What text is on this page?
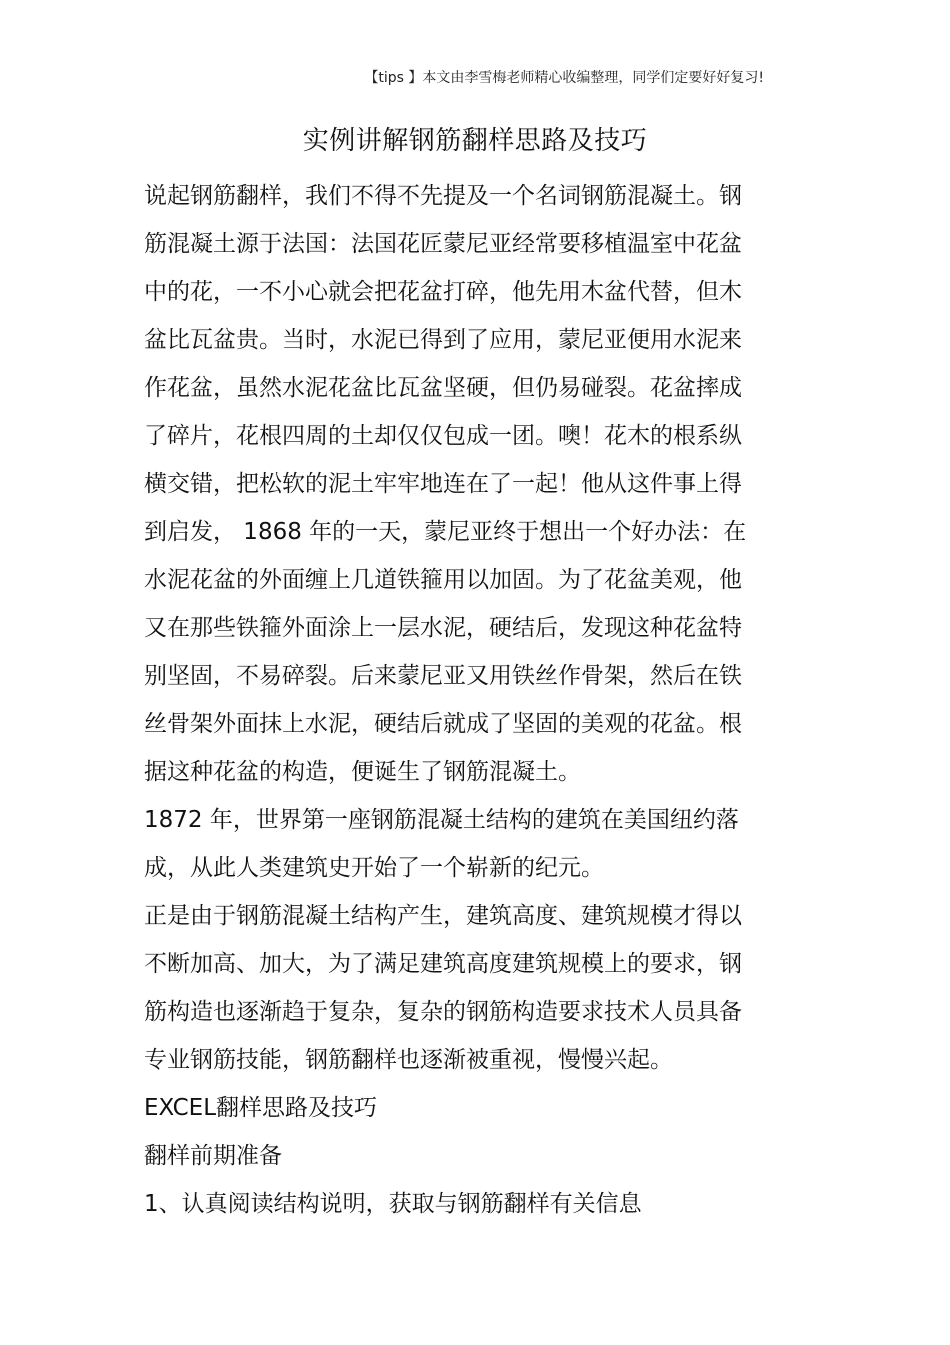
【tips 】本文由李雪梅老师精心收编整理，同学们定要好好复习!
实例讲解钢筋翻样思路及技巧
说起钢筋翻样，我们不得不先提及一个名词钢筋混凝土。钢
筋混凝土源于法国：法国花匠蒙尼亚经常要移植温室中花盆
中的花，一不小心就会把花盆打碎，他先用木盆代替，但木
盆比瓦盆贵。当时，水泥已得到了应用，蒙尼亚便用水泥来
作花盆，虽然水泥花盆比瓦盆坚硬，但仍易碰裂。花盆摔成
了碎片，花根四周的土却仅仅包成一团。噢！花木的根系纵
横交错，把松软的泥土牢牢地连在了一起！他从这件事上得
到启发， 1868 年的一天，蒙尼亚终于想出一个好办法：在
水泥花盆的外面缠上几道铁箍用以加固。为了花盆美观，他
又在那些铁箍外面涂上一层水泥，硬结后，发现这种花盆特
别坚固，不易碎裂。后来蒙尼亚又用铁丝作骨架，然后在铁
丝骨架外面抹上水泥，硬结后就成了坚固的美观的花盆。根
据这种花盆的构造，便诞生了钢筋混凝土。
1872 年，世界第一座钢筋混凝土结构的建筑在美国纽约落
成，从此人类建筑史开始了一个崭新的纪元。
正是由于钢筋混凝土结构产生，建筑高度、建筑规模才得以
不断加高、加大，为了满足建筑高度建筑规模上的要求，钢
筋构造也逐渐趋于复杂，复杂的钢筋构造要求技术人员具备
专业钢筋技能，钢筋翻样也逐渐被重视，慢慢兴起。
EXCEL翻样思路及技巧
翻样前期准备
1、认真阅读结构说明，获取与钢筋翻样有关信息
